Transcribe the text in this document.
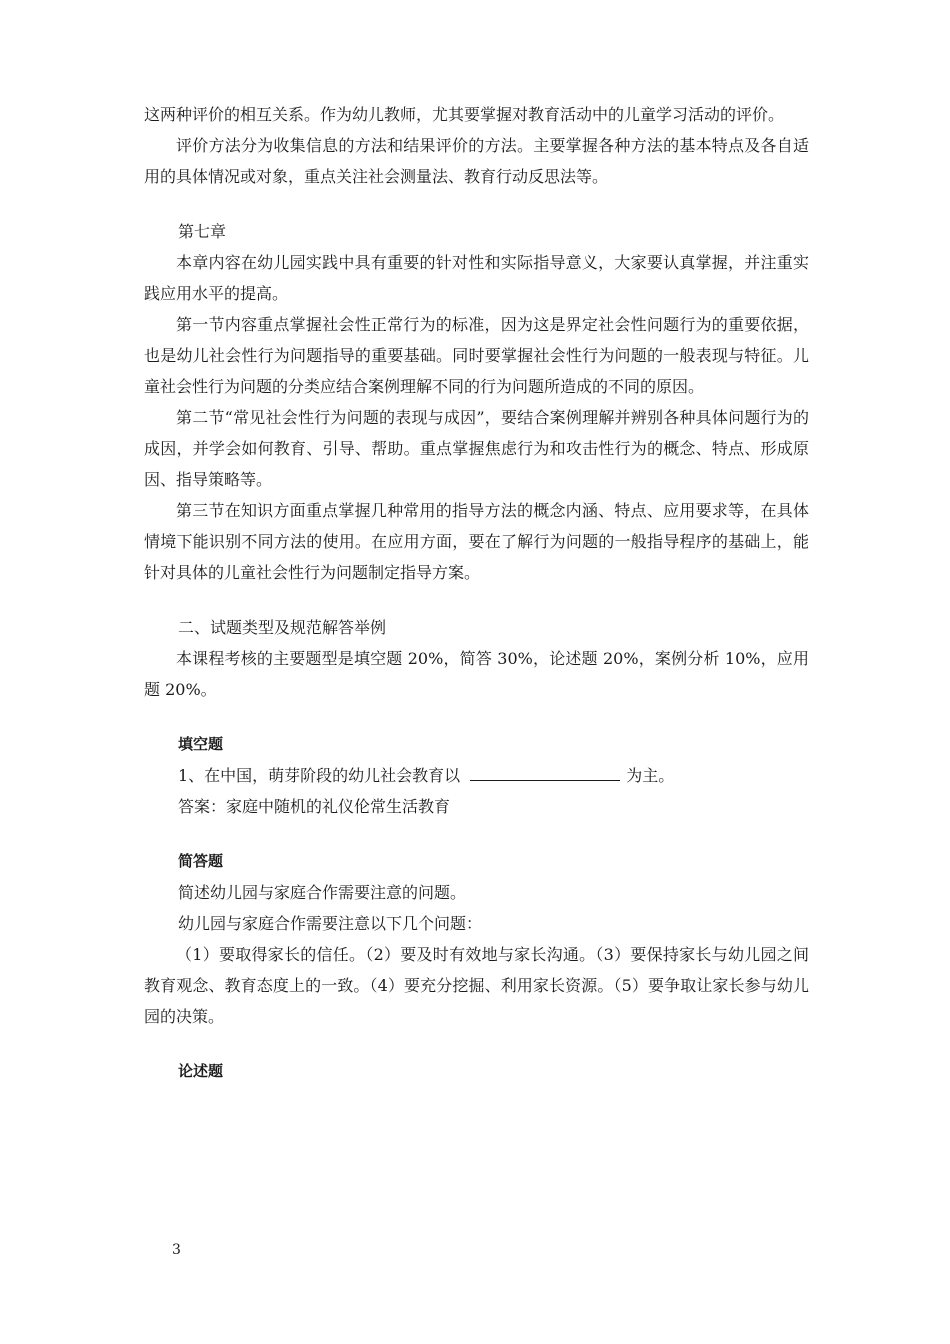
这两种评价的相互关系。作为幼儿教师，尤其要掌握对教育活动中的儿童学习活动的评价。

评价方法分为收集信息的方法和结果评价的方法。主要掌握各种方法的基本特点及各自适用的具体情况或对象，重点关注社会测量法、教育行动反思法等。

第七章

本章内容在幼儿园实践中具有重要的针对性和实际指导意义，大家要认真掌握，并注重实践应用水平的提高。

第一节内容重点掌握社会性正常行为的标准，因为这是界定社会性问题行为的重要依据，也是幼儿社会性行为问题指导的重要基础。同时要掌握社会性行为问题的一般表现与特征。儿童社会性行为问题的分类应结合案例理解不同的行为问题所造成的不同的原因。

第二节“常见社会性行为问题的表现与成因”，要结合案例理解并辨别各种具体问题行为的成因，并学会如何教育、引导、帮助。重点掌握焦虑行为和攻击性行为的概念、特点、形成原因、指导策略等。

第三节在知识方面重点掌握几种常用的指导方法的概念内涵、特点、应用要求等，在具体情境下能识别不同方法的使用。在应用方面，要在了解行为问题的一般指导程序的基础上，能针对具体的儿童社会性行为问题制定指导方案。

二、试题类型及规范解答举例

本课程考核的主要题型是填空题 20%，简答 30%，论述题 20%，案例分析 10%，应用题 20%。

填空题

1、在中国，萌芽阶段的幼儿社会教育以	为主。

答案：家庭中随机的礼仪伦常生活教育

简答题

简述幼儿园与家庭合作需要注意的问题。

幼儿园与家庭合作需要注意以下几个问题：

（1）要取得家长的信任。（2）要及时有效地与家长沟通。（3）要保持家长与幼儿园之间教育观念、教育态度上的一致。（4）要充分挖掘、利用家长资源。（5）要争取让家长参与幼儿园的决策。

论述题

3
